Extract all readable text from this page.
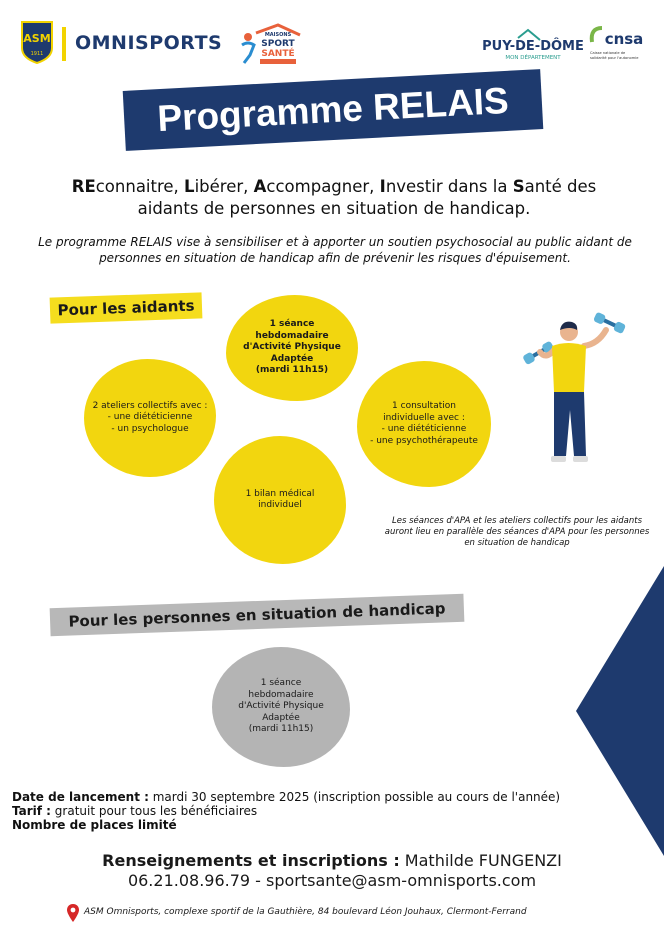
ASM
1911 OMNISPORTS	MAISONS
SPORT
SANTÉ	PUY-DE-DÔME
MON DÉPARTEMENT
cnsa
Caisse nationale de
solidarité pour l'autonomie
Programme RELAIS
REconnaitre, Libérer, Accompagner, Investir dans la Santé des
aidants de personnes en situation de handicap.
Le programme RELAIS vise à sensibiliser et à apporter un soutien psychosocial au public aidant de personnes en situation de handicap afin de prévenir les risques d'épuisement.
Pour les aidants
1 séance
hebdomadaire
d'Activité Physique
Adaptée
(mardi 11h15)
2 ateliers collectifs avec :
- une diététicienne
- un psychologue
1 consultation
individuelle avec :
- une diététicienne
- une psychothérapeute
1 bilan médical
individuel
Les séances d'APA et les ateliers collectifs pour les aidants auront lieu en parallèle des séances d'APA pour les personnes en situation de handicap
Pour les personnes en situation de handicap
1 séance
hebdomadaire
d'Activité Physique
Adaptée
(mardi 11h15)
Date de lancement : mardi 30 septembre 2025 (inscription possible au cours de l'année)
Tarif : gratuit pour tous les bénéficiaires
Nombre de places limité
Renseignements et inscriptions : Mathilde FUNGENZI
06.21.08.96.79 - sportsante@asm-omnisports.com
ASM Omnisports, complexe sportif de la Gauthière, 84 boulevard Léon Jouhaux, Clermont-Ferrand
